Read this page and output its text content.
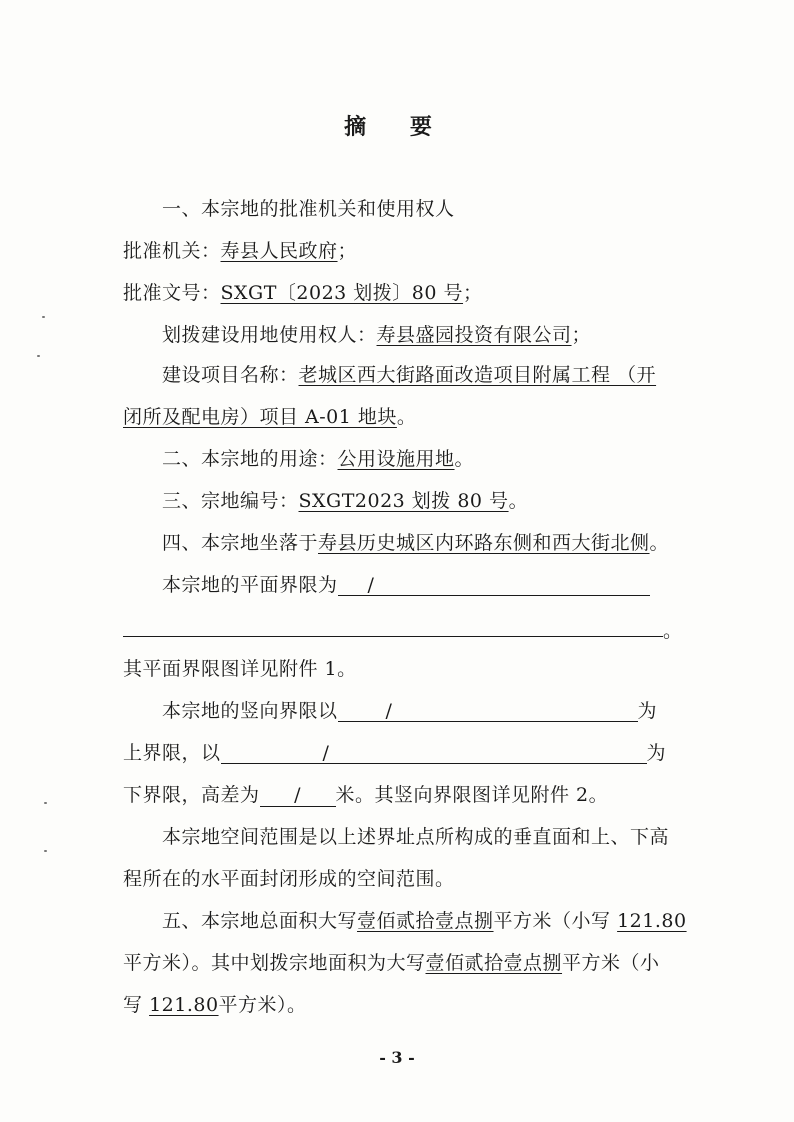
摘 要
一、本宗地的批准机关和使用权人
批准机关：寿县人民政府；
批准文号：SXGT〔2023 划拨〕80 号；
划拨建设用地使用权人：寿县盛园投资有限公司；
建设项目名称：老城区西大街路面改造项目附属工程 （开
闭所及配电房）项目 A-01 地块。
二、本宗地的用途：公用设施用地。
三、宗地编号：SXGT2023 划拨 80 号。
四、本宗地坐落于寿县历史城区内环路东侧和西大街北侧。
本宗地的平面界限为 /
。
其平面界限图详见附件 1。
本宗地的竖向界限以	/	为
上界限，以	/	为
下界限，高差为 / 米。其竖向界限图详见附件 2。
本宗地空间范围是以上述界址点所构成的垂直面和上、下高
程所在的水平面封闭形成的空间范围。
五、本宗地总面积大写壹佰贰拾壹点捌平方米（小写 121.80
平方米）。其中划拨宗地面积为大写壹佰贰拾壹点捌平方米（小
写 121.80平方米）。
- 3 -
